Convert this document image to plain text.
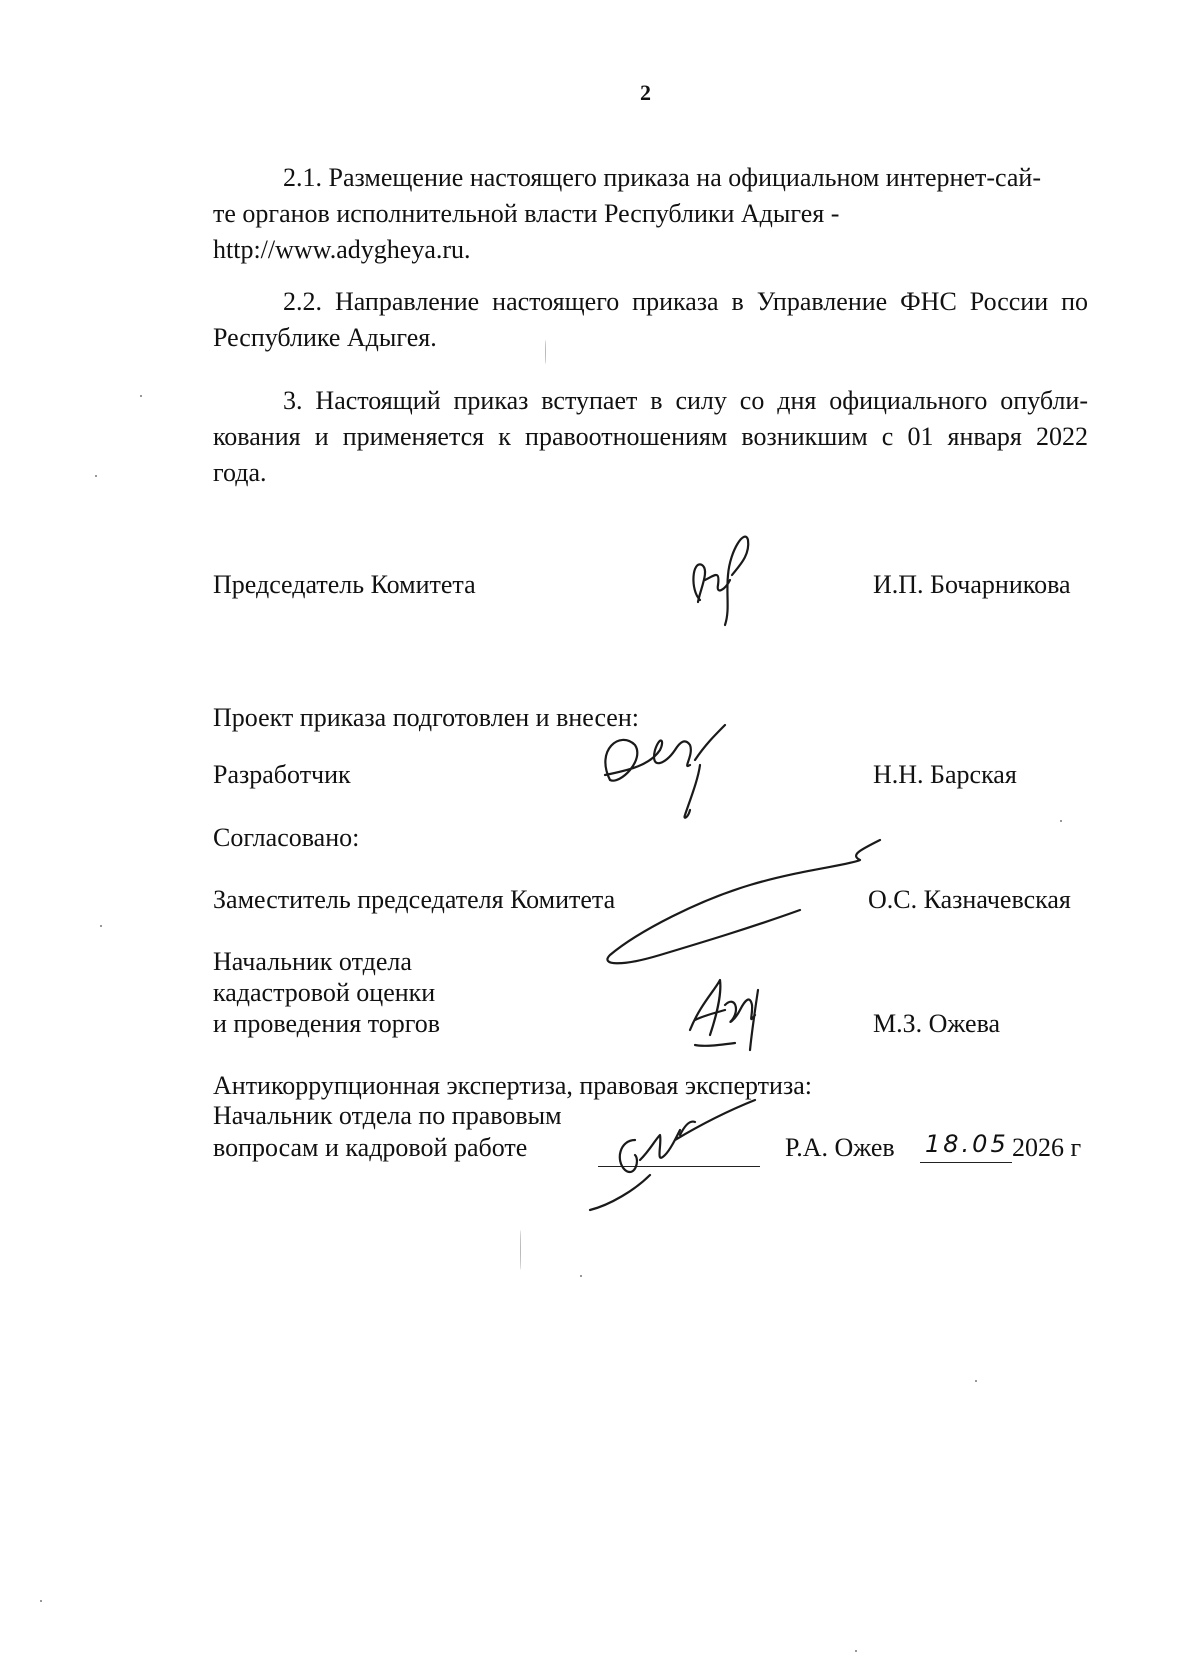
2
2.1. Размещение настоящего приказа на официальном интернет-сай-
те органов исполнительной власти Республики Адыгея -
http://www.adygheya.ru.
2.2. Направление настоящего приказа в Управление ФНС России по
Республике Адыгея.
3. Настоящий приказ вступает в силу со дня официального опубли-
кования и применяется к правоотношениям возникшим с 01 января 2022
года.
Председатель Комитета	И.П. Бочарникова
Проект приказа подготовлен и внесен:
Разработчик	Н.Н. Барская
Согласовано:
Заместитель председателя Комитета	О.С. Казначевская
Начальник отдела
кадастровой оценки
и проведения торгов	М.З. Ожева
Антикоррупционная экспертиза, правовая экспертиза:
Начальник отдела по правовым
вопросам и кадровой работе	Р.А. Ожев 18.05 2026 г
